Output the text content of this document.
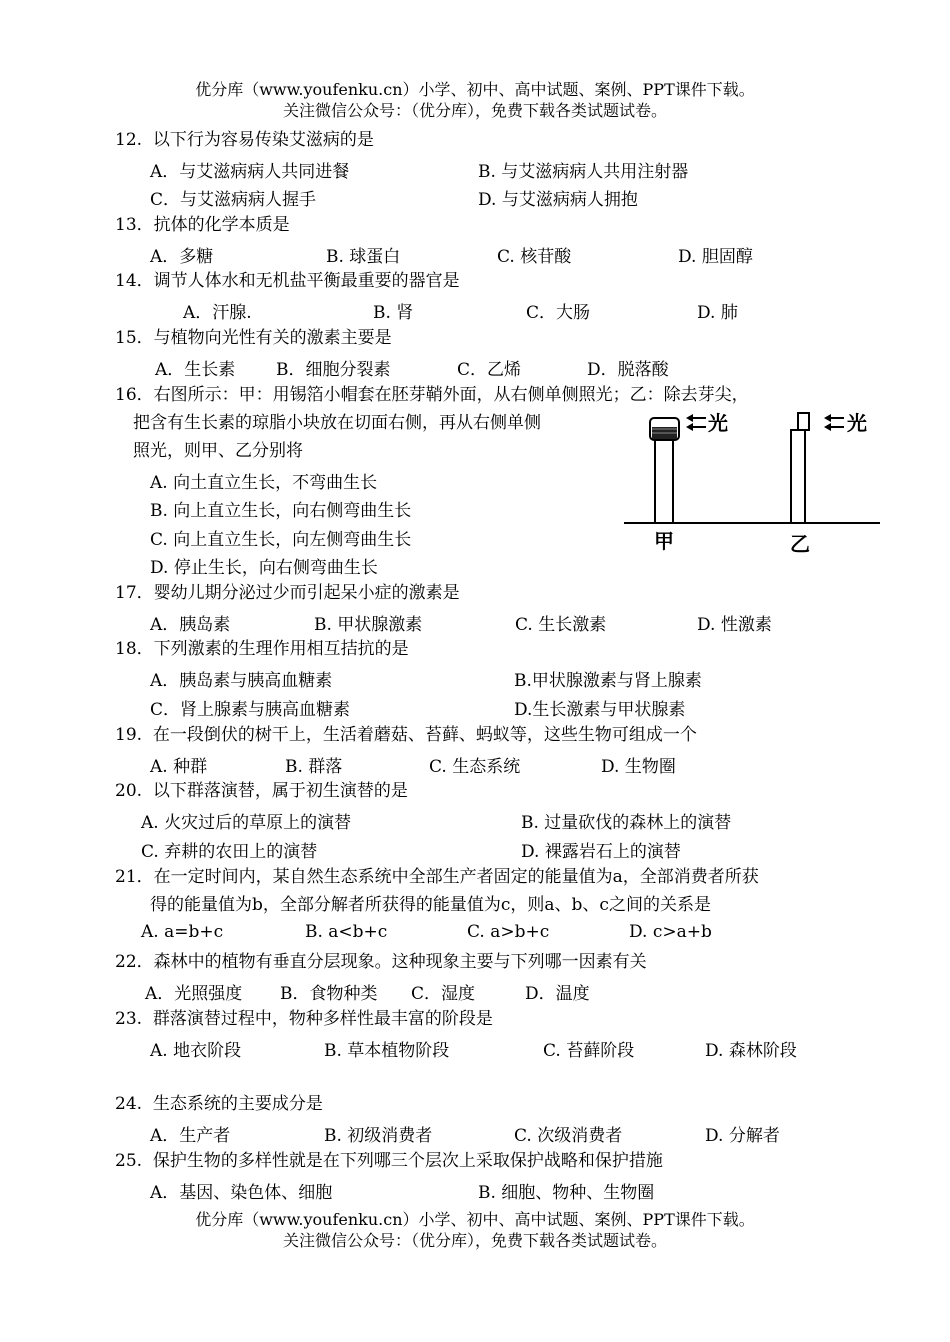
优分库（www.youfenku.cn）小学、初中、高中试题、案例、PPT课件下载。
关注微信公众号：（优分库），免费下载各类试题试卷。
12.  以下行为容易传染艾滋病的是
A．与艾滋病病人共同进餐	B. 与艾滋病病人共用注射器
C．与艾滋病病人握手	D. 与艾滋病病人拥抱
13．抗体的化学本质是
A．多糖	B. 球蛋白	C. 核苷酸	D. 胆固醇
14．调节人体水和无机盐平衡最重要的器官是
A．汗腺.	B. 肾	C．大肠	D. 肺
15．与植物向光性有关的激素主要是
A．生长素 B．细胞分裂素	C．乙烯	D．脱落酸
16．右图所示：甲：用锡箔小帽套在胚芽鞘外面，从右侧单侧照光；乙：除去芽尖，
把含有生长素的琼脂小块放在切面右侧，再从右侧单侧
照光，则甲、乙分别将
A. 向土直立生长，不弯曲生长
B. 向上直立生长，向右侧弯曲生长
C. 向上直立生长，向左侧弯曲生长
D. 停止生长，向右侧弯曲生长
光	光
甲	乙
17．婴幼儿期分泌过少而引起呆小症的激素是
A．胰岛素	B. 甲状腺激素	C. 生长激素	D. 性激素
18．下列激素的生理作用相互拮抗的是
A．胰岛素与胰高血糖素	B.甲状腺激素与肾上腺素
C．肾上腺素与胰高血糖素	D.生长激素与甲状腺素
19.  在一段倒伏的树干上，生活着蘑菇、苔藓、蚂蚁等，这些生物可组成一个
A. 种群	B. 群落	C. 生态系统	D. 生物圈
20.  以下群落演替，属于初生演替的是
A. 火灾过后的草原上的演替	B. 过量砍伐的森林上的演替
C. 弃耕的农田上的演替	D. 裸露岩石上的演替
21．在一定时间内，某自然生态系统中全部生产者固定的能量值为a，全部消费者所获
得的能量值为b，全部分解者所获得的能量值为c，则a、b、c之间的关系是
A. a=b+c	B. a<b+c	C. a>b+c	D. c>a+b
22．森林中的植物有垂直分层现象。这种现象主要与下列哪一因素有关
A．光照强度 B．食物种类 C．湿度	D．温度
23.  群落演替过程中，物种多样性最丰富的阶段是
A. 地衣阶段	B. 草本植物阶段	C. 苔藓阶段	D. 森林阶段
24.  生态系统的主要成分是
A．生产者	B. 初级消费者	C. 次级消费者	D. 分解者
25.  保护生物的多样性就是在下列哪三个层次上采取保护战略和保护措施
A．基因、染色体、细胞	B. 细胞、物种、生物圈
优分库（www.youfenku.cn）小学、初中、高中试题、案例、PPT课件下载。
关注微信公众号：（优分库），免费下载各类试题试卷。
